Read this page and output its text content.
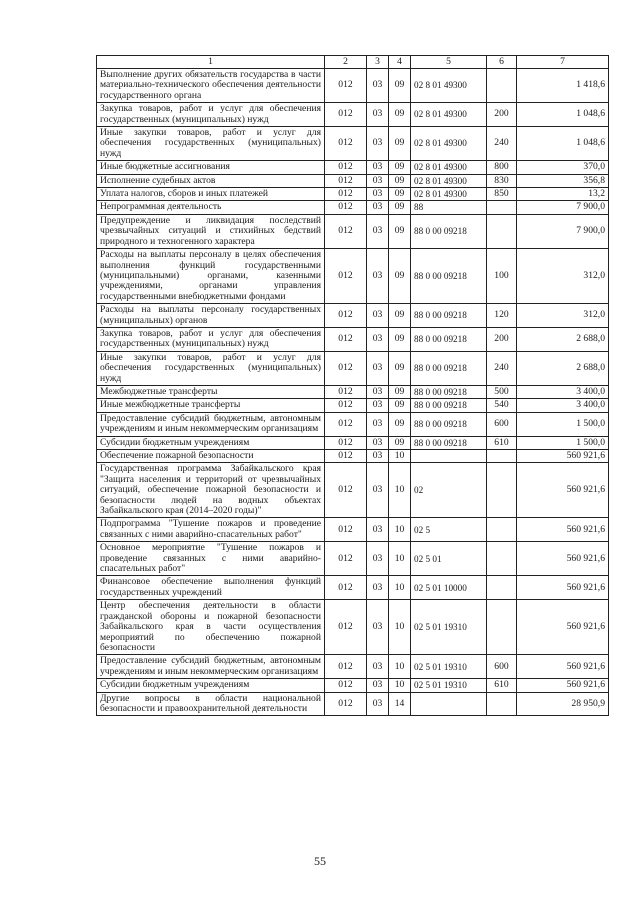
1	2	3	4	5	6	7
Выполнение других обязательств государства в части материально-технического обеспечения деятельности государственного органа	012	03	09	02 8 01 49300		1 418,6
Закупка товаров, работ и услуг для обеспечения государственных (муниципальных) нужд	012	03	09	02 8 01 49300	200	1 048,6
Иные закупки товаров, работ и услуг для обеспечения государственных (муниципальных) нужд	012	03	09	02 8 01 49300	240	1 048,6
Иные бюджетные ассигнования	012	03	09	02 8 01 49300	800	370,0
Исполнение судебных актов	012	03	09	02 8 01 49300	830	356,8
Уплата налогов, сборов и иных платежей	012	03	09	02 8 01 49300	850	13,2
Непрограммная деятельность	012	03	09	88		7 900,0
Предупреждение и ликвидация последствий чрезвычайных ситуаций и стихийных бедствий природного и техногенного характера	012	03	09	88 0 00 09218		7 900,0
Расходы на выплаты персоналу в целях обеспечения выполнения функций государственными (муниципальными) органами, казенными учреждениями, органами управления государственными внебюджетными фондами	012	03	09	88 0 00 09218	100	312,0
Расходы на выплаты персоналу государственных (муниципальных) органов	012	03	09	88 0 00 09218	120	312,0
Закупка товаров, работ и услуг для обеспечения государственных (муниципальных) нужд	012	03	09	88 0 00 09218	200	2 688,0
Иные закупки товаров, работ и услуг для обеспечения государственных (муниципальных) нужд	012	03	09	88 0 00 09218	240	2 688,0
Межбюджетные трансферты	012	03	09	88 0 00 09218	500	3 400,0
Иные межбюджетные трансферты	012	03	09	88 0 00 09218	540	3 400,0
Предоставление субсидий бюджетным, автономным учреждениям и иным некоммерческим организациям	012	03	09	88 0 00 09218	600	1 500,0
Субсидии бюджетным учреждениям	012	03	09	88 0 00 09218	610	1 500,0
Обеспечение пожарной безопасности	012	03	10			560 921,6
Государственная программа Забайкальского края "Защита населения и территорий от чрезвычайных ситуаций, обеспечение пожарной безопасности и безопасности людей на водных объектах Забайкальского края (2014–2020 годы)"	012	03	10	02		560 921,6
Подпрограмма "Тушение пожаров и проведение связанных с ними аварийно-спасательных работ"	012	03	10	02 5		560 921,6
Основное мероприятие "Тушение пожаров и проведение связанных с ними аварийно-спасательных работ"	012	03	10	02 5 01		560 921,6
Финансовое обеспечение выполнения функций государственных учреждений	012	03	10	02 5 01 10000		560 921,6
Центр обеспечения деятельности в области гражданской обороны и пожарной безопасности Забайкальского края в части осуществления мероприятий по обеспечению пожарной безопасности	012	03	10	02 5 01 19310		560 921,6
Предоставление субсидий бюджетным, автономным учреждениям и иным некоммерческим организациям	012	03	10	02 5 01 19310	600	560 921,6
Субсидии бюджетным учреждениям	012	03	10	02 5 01 19310	610	560 921,6
Другие вопросы в области национальной безопасности и правоохранительной деятельности	012	03	14			28 950,9
55
